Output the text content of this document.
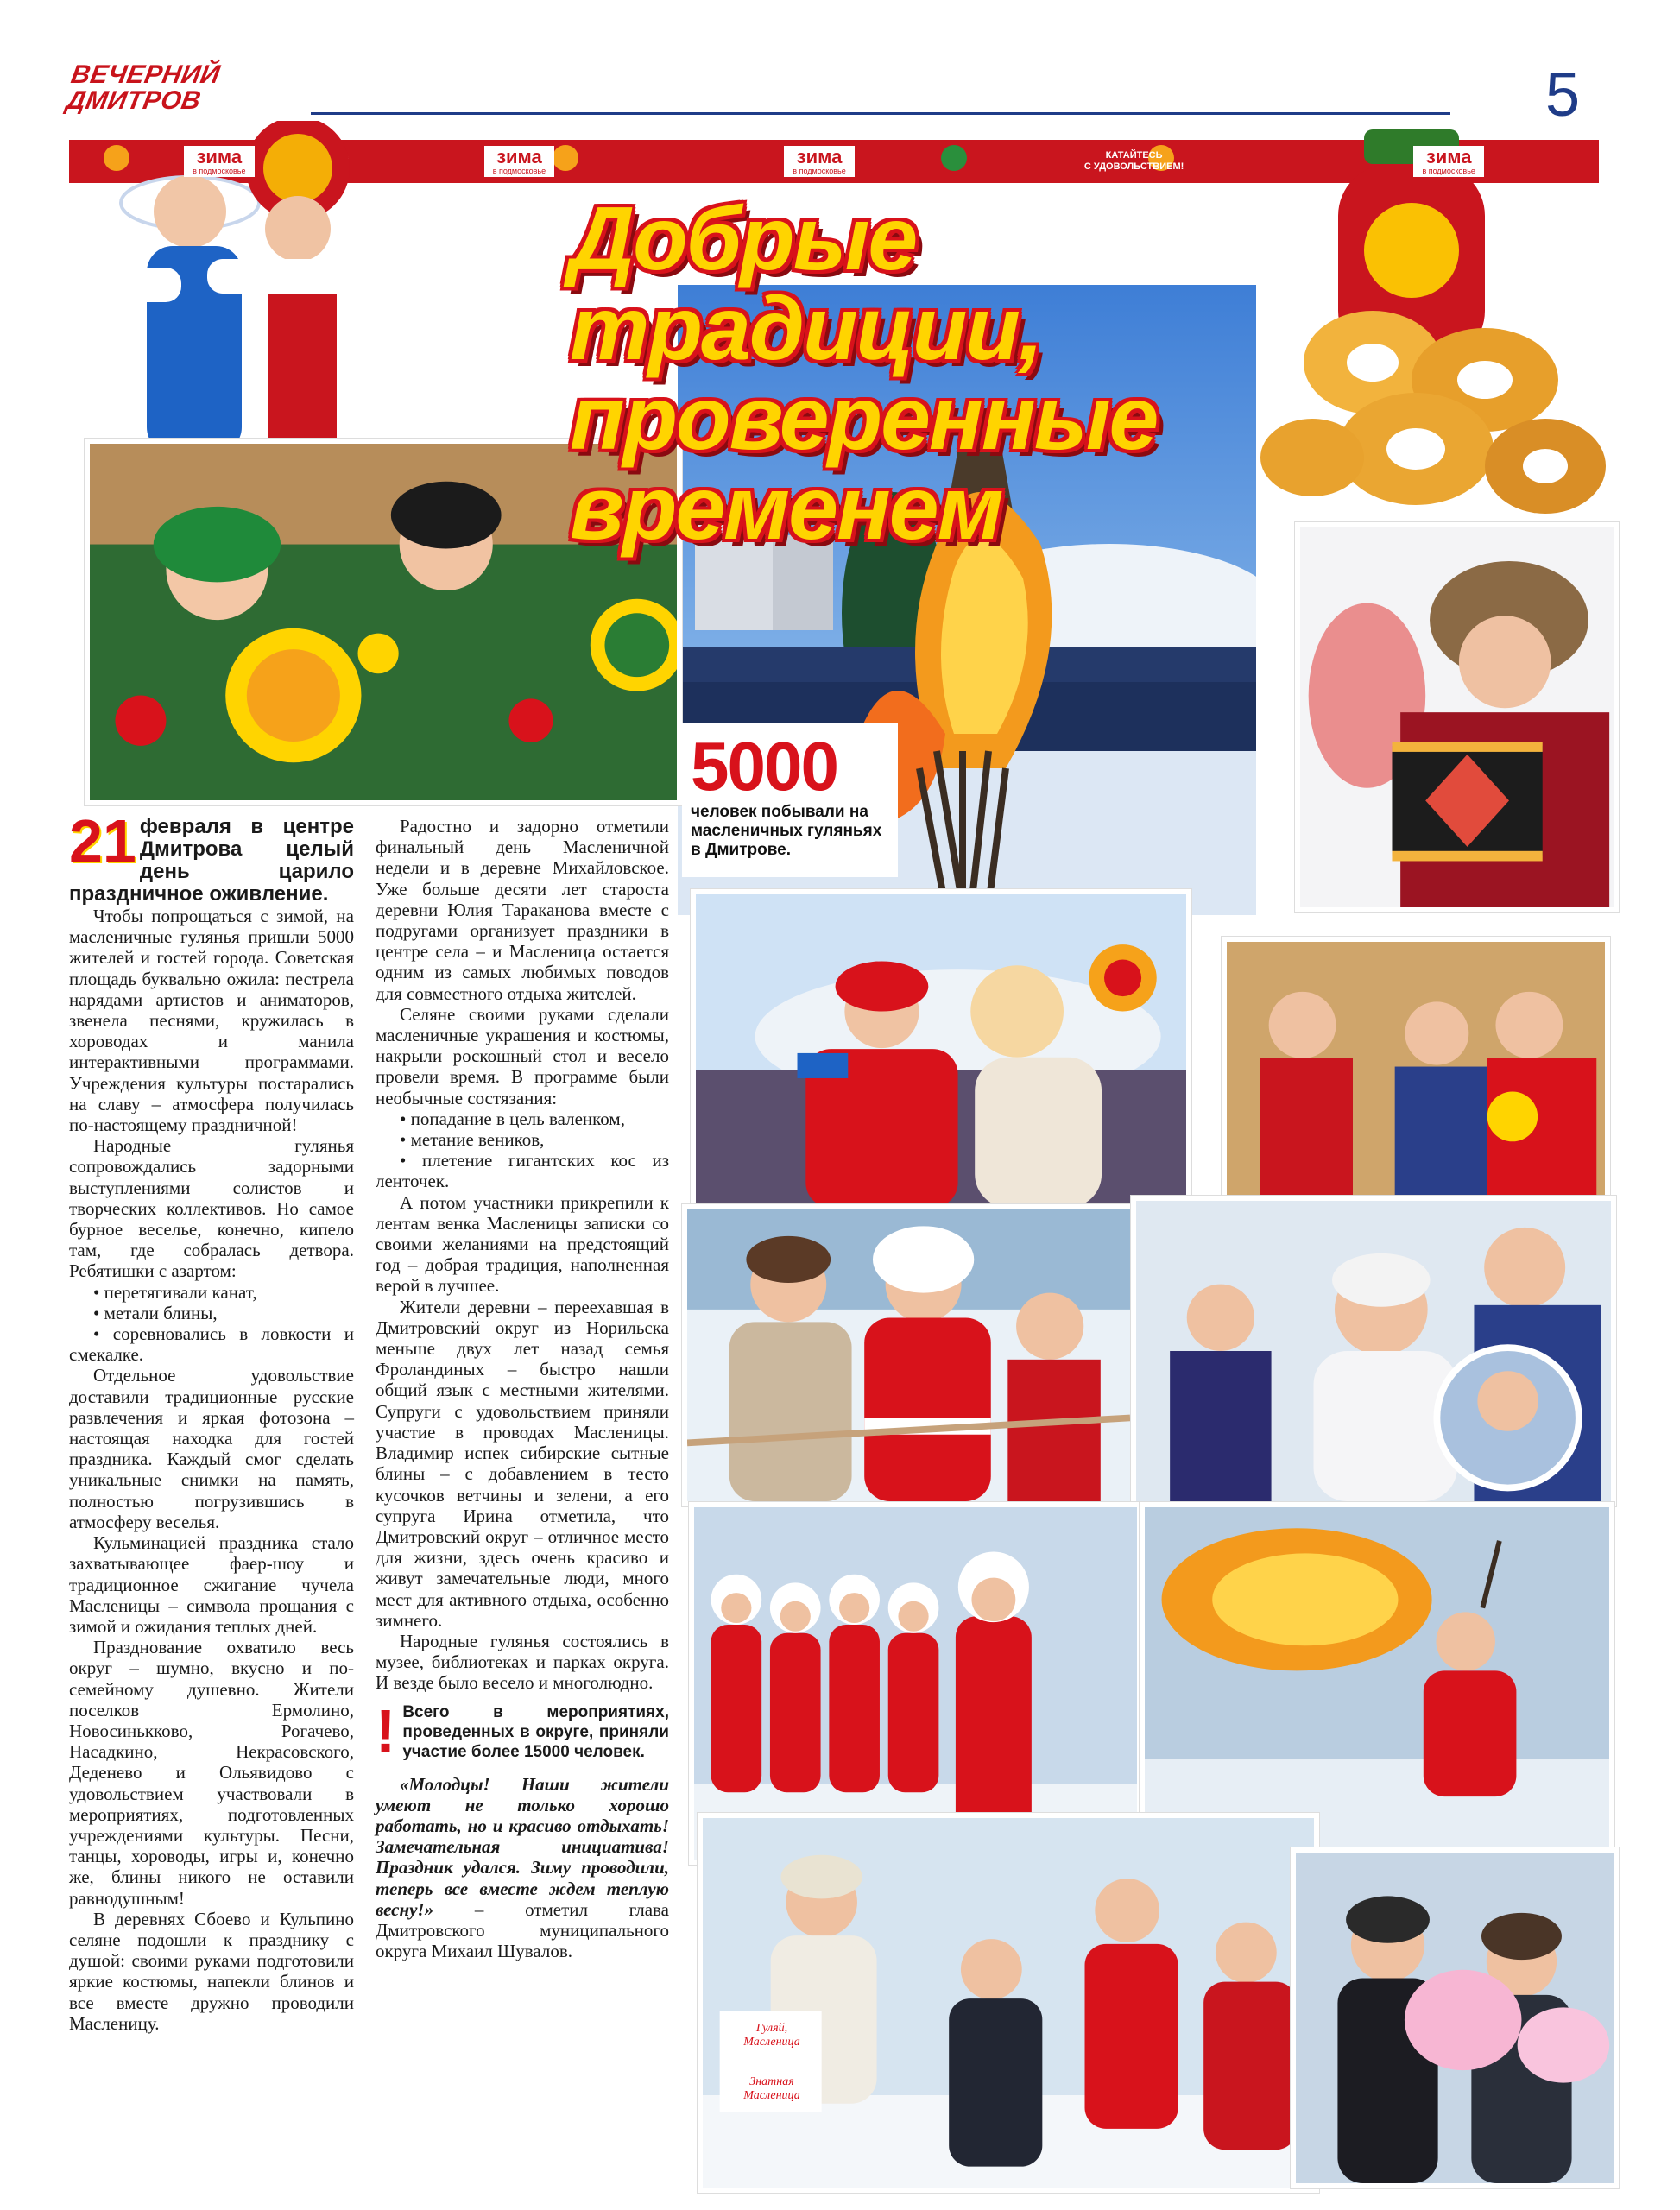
ВЕЧЕРНИЙ
ДМИТРОВ	5
зима
в подмосковье
зима
в подмосковье
зима
в подмосковье
КАТАЙТЕСЬ
С УДОВОЛЬСТВИЕМ!	зима
в подмосковье
Добрые традиции,
проверенные
временем
5000
человек побывали на масленичных гуляньях в Дмитрове.
Гуляй,
Масленица
Знатная
Масленица
21 февраля в центре Дмитрова целый день царило праздничное оживление.

Чтобы попрощаться с зимой, на масленичные гулянья пришли 5000 жителей и гостей города. Советская площадь буквально ожила: пестрела нарядами артистов и аниматоров, звенела песнями, кружилась в хороводах и манила интерактивными программами. Учреждения культуры постарались на славу – атмосфера получилась по-настоящему праздничной!

Народные гулянья сопровождались задорными выступлениями солистов и творческих коллективов. Но самое бурное веселье, конечно, кипело там, где собралась детвора. Ребятишки с азартом:

• перетягивали канат,

• метали блины,

• соревновались в ловкости и смекалке.

Отдельное удовольствие доставили традиционные русские развлечения и яркая фотозона – настоящая находка для гостей праздника. Каждый смог сделать уникальные снимки на память, полностью погрузившись в атмосферу веселья.

Кульминацией праздника стало захватывающее фаер-шоу и традиционное сжигание чучела Масленицы – символа прощания с зимой и ожидания теплых дней.

Празднование охватило весь округ – шумно, вкусно и по-семейному душевно. Жители поселков Ермолино, Новосинькково, Рогачево, Насадкино, Некрасовского, Деденево и Ольявидово с удовольствием участвовали в мероприятиях, подготовленных учреждениями культуры. Песни, танцы, хороводы, игры и, конечно же, блины никого не оставили равнодушным!

В деревнях Сбоево и Кульпино селяне подошли к празднику с душой: своими руками подготовили яркие костюмы, напекли блинов и все вместе дружно проводили Масленицу.

Радостно и задорно отметили финальный день Масленичной недели и в деревне Михайловское. Уже больше десяти лет староста деревни Юлия Тараканова вместе с подругами организует праздники в центре села – и Масленица остается одним из самых любимых поводов для совместного отдыха жителей.

Селяне своими руками сделали масленичные украшения и костюмы, накрыли роскошный стол и весело провели время. В программе были необычные состязания:

• попадание в цель валенком,

• метание веников,

• плетение гигантских кос из ленточек.

А потом участники прикрепили к лентам венка Масленицы записки со своими желаниями на предстоящий год – добрая традиция, наполненная верой в лучшее.

Жители деревни – переехавшая в Дмитровский округ из Норильска меньше двух лет назад семья Фроландиных – быстро нашли общий язык с местными жителями. Супруги с удовольствием приняли участие в проводах Масленицы. Владимир испек сибирские сытные блины – с добавлением в тесто кусочков ветчины и зелени, а его супруга Ирина отметила, что Дмитровский округ – отличное место для жизни, здесь очень красиво и живут замечательные люди, много мест для активного отдыха, особенно зимнего.

Народные гулянья состоялись в музее, библиотеках и парках округа. И везде было весело и многолюдно.

! Всего в мероприятиях, проведенных в округе, приняли участие более 15000 человек.

«Молодцы! Наши жители умеют не только хорошо работать, но и красиво отдыхать! Замечательная инициатива! Праздник удался. Зиму проводили, теперь все вместе ждем теплую весну!» – отметил глава Дмитровского муниципального округа Михаил Шувалов.
